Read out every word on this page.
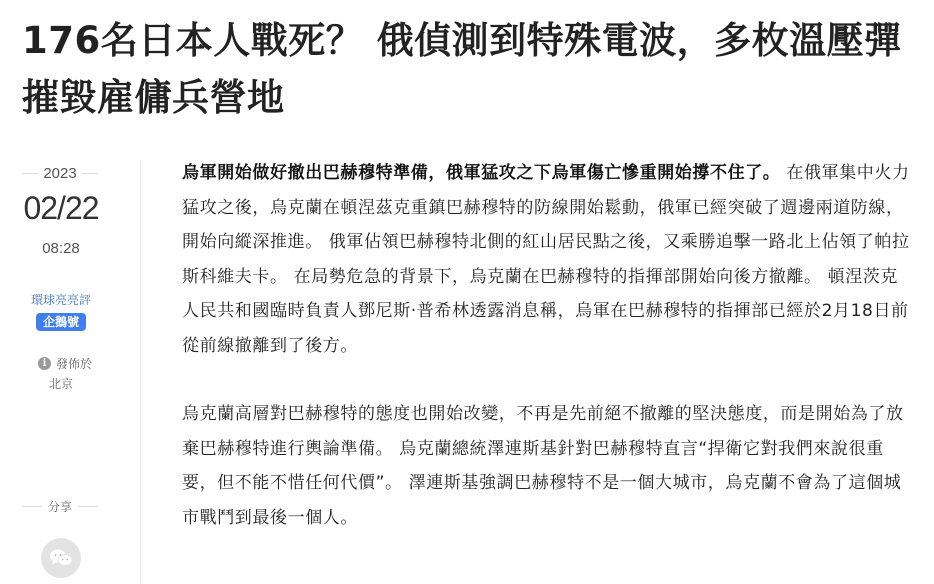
176名日本人戰死？ 俄偵測到特殊電波，多枚溫壓彈摧毀雇傭兵營地
2023
02/22
08:28
環球亮亮評
企鵝號
i 發佈於
北京
分享

烏軍開始做好撤出巴赫穆特準備，俄軍猛攻之下烏軍傷亡慘重開始撐不住了。 在俄軍集中火力猛攻之後，烏克蘭在頓涅茲克重鎮巴赫穆特的防線開始鬆動，俄軍已經突破了週邊兩道防線，開始向縱深推進。 俄軍佔領巴赫穆特北側的紅山居民點之後，又乘勝追擊一路北上佔領了帕拉斯科維夫卡。 在局勢危急的背景下，烏克蘭在巴赫穆特的指揮部開始向後方撤離。 頓涅茨克人民共和國臨時負責人鄧尼斯·普希林透露消息稱，烏軍在巴赫穆特的指揮部已經於2月18日前從前線撤離到了後方。

烏克蘭高層對巴赫穆特的態度也開始改變，不再是先前絕不撤離的堅決態度，而是開始為了放棄巴赫穆特進行輿論準備。 烏克蘭總統澤連斯基針對巴赫穆特直言“捍衛它對我們來說很重要，但不能不惜任何代價”。 澤連斯基強調巴赫穆特不是一個大城市，烏克蘭不會為了這個城市戰鬥到最後一個人。
